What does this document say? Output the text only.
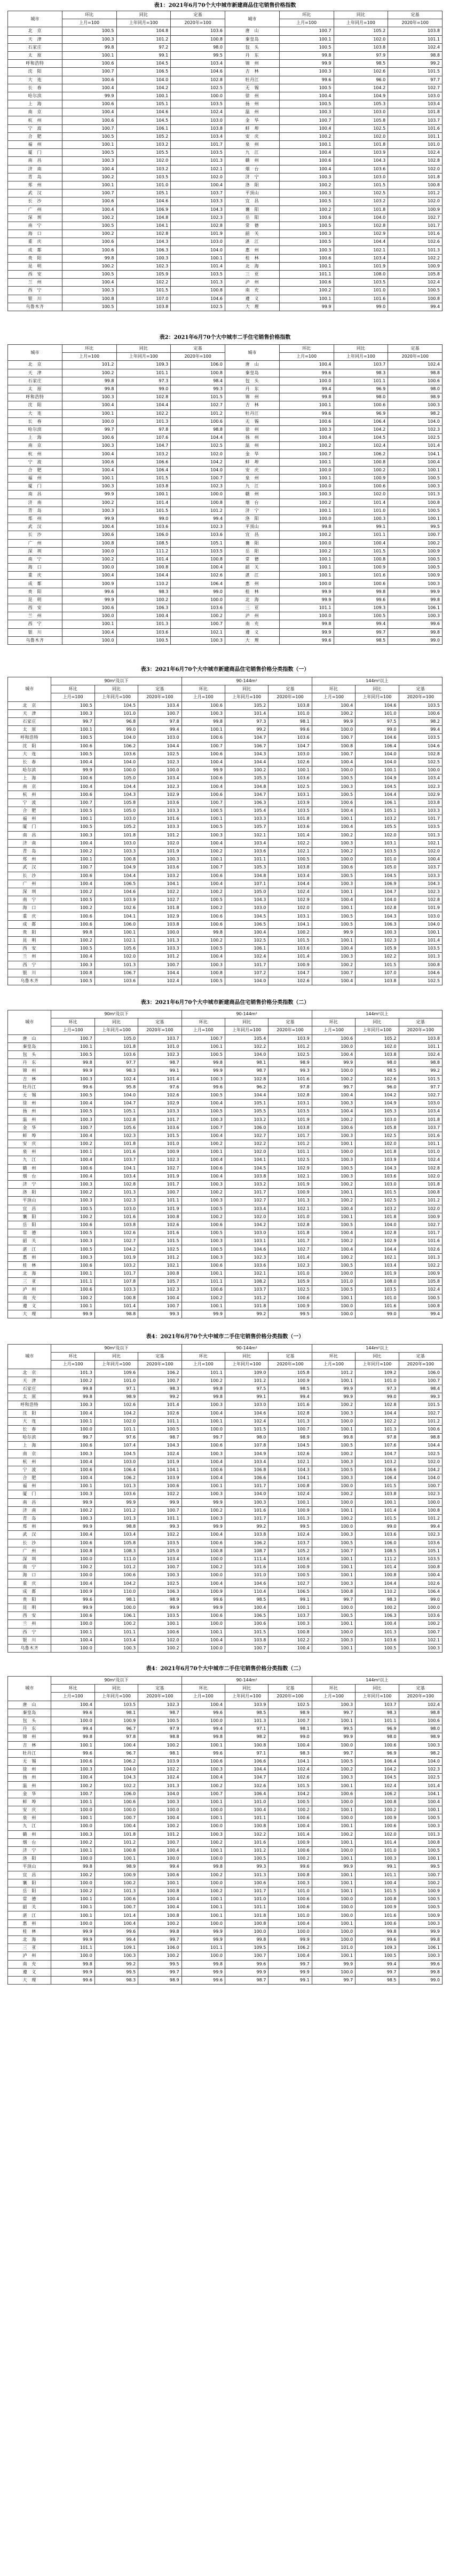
表1：2021年6月70个大中城市新建商品住宅销售价格指数
城市	环比	同比	定基	城市	环比	同比	定基
	上月=100	上年同月=100	2020年=100		上月=100	上年同月=100	2020年=100
北　京	100.5	104.8	103.6	唐　山	100.7	105.2	103.8
天　津	100.3	101.2	100.8	秦皇岛	100.1	102.0	101.1
石家庄	99.8	97.2	98.0	包　头	100.5	103.8	102.4
太　原	100.1	99.1	99.5	丹　东	99.8	97.9	98.8
呼和浩特	100.6	104.5	103.4	锦　州	99.9	98.5	99.2
沈　阳	100.7	106.5	104.6	吉　林	100.3	102.6	101.5
大　连	100.6	104.0	102.8	牡丹江	99.6	96.0	97.7
长　春	100.4	104.2	102.5	无　锡	100.5	104.2	102.7
哈尔滨	99.9	100.1	100.0	徐　州	100.4	104.9	103.0
上　海	100.6	105.1	103.5	扬　州	100.5	105.3	103.4
南　京	100.4	104.6	102.4	温　州	100.3	103.0	101.8
杭　州	100.6	104.5	103.0	金　华	100.7	105.8	103.7
宁　波	100.7	106.1	103.8	蚌　埠	100.4	102.5	101.6
合　肥	100.5	105.2	103.4	安　庆	100.2	102.0	101.1
福　州	100.1	103.2	101.7	泉　州	100.1	101.8	101.0
厦　门	100.5	105.5	103.5	九　江	100.4	103.9	102.4
南　昌	100.3	102.0	101.3	赣　州	100.6	104.3	102.8
济　南	100.4	103.2	102.1	烟　台	100.4	103.6	102.0
青　岛	100.2	103.5	102.0	济　宁	100.3	103.0	101.8
郑　州	100.1	101.0	100.4	洛　阳	100.2	101.5	100.8
武　汉	100.7	105.1	103.7	平顶山	100.3	102.5	101.2
长　沙	100.6	104.6	103.3	宜　昌	100.5	103.2	102.0
广　州	100.4	106.9	104.3	襄　阳	100.2	101.8	100.9
深　圳	100.2	104.8	102.3	岳　阳	100.6	104.0	102.7
南　宁	100.5	104.1	102.8	常　德	100.5	102.8	101.7
海　口	100.2	102.8	101.9	韶　关	100.3	102.9	101.6
重　庆	100.6	104.3	103.0	湛　江	100.5	104.4	102.6
成　都	100.6	106.3	104.0	惠　州	100.3	102.1	101.3
贵　阳	99.8	100.3	100.1	桂　林	100.6	103.4	102.2
昆　明	100.2	102.3	101.4	北　海	100.1	101.9	100.9
西　安	100.5	105.9	103.5	三　亚	101.1	108.0	105.8
兰　州	100.4	102.2	101.3	泸　州	100.6	103.5	102.4
西　宁	100.3	101.5	100.8	南　充	100.2	101.0	100.5
银　川	100.8	107.0	104.6	遵　义	100.1	101.6	100.8
乌鲁木齐	100.5	103.8	102.5	大　理	99.9	99.0	99.4
表2：2021年6月70个大中城市二手住宅销售价格指数
城市	环比	同比	定基	城市	环比	同比	定基
	上月=100	上年同月=100	2020年=100		上月=100	上年同月=100	2020年=100
北　京	101.2	109.3	106.0	唐　山	100.4	103.7	102.4
天　津	100.2	101.1	100.8	秦皇岛	99.6	98.3	98.8
石家庄	99.8	97.3	98.4	包　头	100.0	101.1	100.6
太　原	99.8	99.0	99.3	丹　东	99.4	96.9	98.0
呼和浩特	100.3	102.8	101.5	锦　州	99.8	98.0	98.9
沈　阳	100.4	104.4	102.7	吉　林	100.1	100.6	100.3
大　连	100.1	102.2	101.2	牡丹江	99.6	96.9	98.2
长　春	100.0	101.3	100.6	无　锡	100.6	106.4	104.0
哈尔滨	99.7	97.8	98.8	徐　州	100.3	104.2	102.3
上　海	100.6	107.6	104.4	扬　州	100.4	104.5	102.5
南　京	100.3	104.7	102.5	温　州	100.2	102.4	101.4
杭　州	100.4	103.2	102.0	金　华	100.7	106.2	104.1
宁　波	100.6	106.6	104.2	蚌　埠	100.1	100.8	100.4
合　肥	100.4	106.4	104.0	安　庆	100.0	100.2	100.1
福　州	100.1	101.5	100.7	泉　州	100.1	100.9	100.5
厦　门	100.3	103.8	102.3	九　江	100.0	100.6	100.3
南　昌	99.9	100.1	100.0	赣　州	100.3	102.0	101.3
济　南	100.2	101.4	100.8	烟　台	100.2	101.4	100.8
青　岛	100.3	101.5	101.2	济　宁	100.1	101.0	100.5
郑　州	99.9	99.0	99.4	洛　阳	100.0	100.3	100.1
武　汉	100.4	103.6	102.3	平顶山	99.8	99.1	99.5
长　沙	100.6	106.0	103.6	宜　昌	100.2	101.1	100.7
广　州	100.8	108.5	105.1	襄　阳	100.0	100.4	100.2
深　圳	100.0	111.2	103.5	岳　阳	100.2	101.5	100.9
南　宁	100.2	101.4	100.8	常　德	100.1	100.8	100.5
海　口	100.0	100.8	100.4	韶　关	100.1	100.9	100.5
重　庆	100.4	104.4	102.6	湛　江	100.1	101.6	100.9
成　都	100.9	110.2	106.4	惠　州	100.0	100.6	100.3
贵　阳	99.6	98.3	99.0	桂　林	99.9	99.8	99.9
昆　明	99.9	100.2	100.0	北　海	99.9	99.6	99.8
西　安	100.6	106.3	103.6	三　亚	101.1	109.3	106.1
兰　州	100.0	100.4	100.2	泸　州	100.0	100.5	100.3
西　宁	100.1	101.3	100.7	南　充	99.8	99.4	99.6
银　川	100.4	103.6	102.1	遵　义	99.9	99.7	99.8
乌鲁木齐	100.0	100.5	100.3	大　理	99.6	98.5	99.0
表3：2021年6月70个大中城市新建商品住宅销售价格分类指数（一）
城市	90m²及以下			90-144m²			144m²以上		
	环比	同比	定基	环比	同比	定基	环比	同比	定基
	上月=100	上年同月=100	2020年=100	上月=100	上年同月=100	2020年=100	上月=100	上年同月=100	2020年=100
北　京	100.5	104.5	103.4	100.6	105.2	103.8	100.4	104.6	103.5
天　津	100.3	101.0	100.7	100.3	101.4	101.0	100.2	101.0	100.6
石家庄	99.7	96.8	97.8	99.8	97.3	98.1	99.9	97.5	98.2
太　原	100.1	99.0	99.4	100.1	99.2	99.6	100.0	99.0	99.4
呼和浩特	100.5	104.0	103.0	100.6	104.7	103.6	100.7	104.6	103.5
沈　阳	100.6	106.2	104.4	100.7	106.7	104.7	100.8	106.4	104.6
大　连	100.5	103.6	102.5	100.6	104.3	103.0	100.7	104.0	102.8
长　春	100.4	104.0	102.3	100.4	104.4	102.6	100.4	104.0	102.5
哈尔滨	99.9	100.0	100.0	99.9	100.2	100.1	100.0	100.1	100.0
上　海	100.6	105.0	103.4	100.6	105.3	103.6	100.5	104.9	103.4
南　京	100.4	104.4	102.3	100.4	104.8	102.5	100.3	104.5	102.3
杭　州	100.6	104.3	102.9	100.6	104.7	103.1	100.5	104.4	102.9
宁　波	100.7	105.8	103.6	100.7	106.3	103.9	100.6	106.1	103.8
合　肥	100.5	105.0	103.3	100.5	105.4	103.5	100.4	105.1	103.3
福　州	100.1	103.0	101.6	100.1	103.3	101.8	100.1	103.2	101.7
厦　门	100.5	105.2	103.3	100.5	105.7	103.6	100.4	105.5	103.5
南　昌	100.3	101.8	101.2	100.3	102.1	101.4	100.2	102.0	101.3
济　南	100.4	103.0	102.0	100.4	103.4	102.2	100.3	103.1	102.1
青　岛	100.2	103.3	101.9	100.2	103.6	102.1	100.2	103.5	102.0
郑　州	100.1	100.8	100.3	100.1	101.1	100.5	100.0	101.0	100.4
武　汉	100.7	104.9	103.6	100.7	105.3	103.8	100.6	105.0	103.7
长　沙	100.6	104.4	103.2	100.6	104.8	103.4	100.5	104.5	103.3
广　州	100.4	106.5	104.1	100.4	107.1	104.4	100.3	106.9	104.3
深　圳	100.2	104.6	102.2	100.2	105.0	102.4	100.1	104.7	102.3
南　宁	100.5	103.9	102.7	100.5	104.3	102.9	100.4	104.0	102.8
海　口	100.2	102.6	101.8	100.2	103.0	102.0	100.1	102.8	101.9
重　庆	100.6	104.1	102.9	100.6	104.5	103.1	100.5	104.3	103.0
成　都	100.6	106.0	103.8	100.6	106.5	104.1	100.5	106.3	104.0
贵　阳	99.8	100.1	100.0	99.8	100.4	100.2	99.9	100.3	100.1
昆　明	100.2	102.1	101.3	100.2	102.5	101.5	100.1	102.3	101.4
西　安	100.5	105.6	103.3	100.5	106.1	103.6	100.4	105.9	103.5
兰　州	100.4	102.0	101.2	100.4	102.4	101.4	100.3	102.2	101.3
西　宁	100.3	101.3	100.7	100.3	101.7	100.9	100.2	101.5	100.8
银　川	100.8	106.7	104.4	100.8	107.2	104.7	100.7	107.0	104.6
乌鲁木齐	100.5	103.6	102.4	100.5	104.0	102.6	100.4	103.8	102.5
表3：2021年6月70个大中城市新建商品住宅销售价格分类指数（二）
城市	90m²及以下			90-144m²			144m²以上		
	环比	同比	定基	环比	同比	定基	环比	同比	定基
	上月=100	上年同月=100	2020年=100	上月=100	上年同月=100	2020年=100	上月=100	上年同月=100	2020年=100
唐　山	100.7	105.0	103.7	100.7	105.4	103.9	100.6	105.2	103.8
秦皇岛	100.1	101.8	101.0	100.1	102.2	101.2	100.0	102.0	101.1
包　头	100.5	103.6	102.3	100.5	104.0	102.5	100.4	103.8	102.4
丹　东	99.8	97.7	98.7	99.8	98.1	98.9	99.9	98.0	98.8
锦　州	99.9	98.3	99.1	99.9	98.7	99.3	100.0	98.5	99.2
吉　林	100.3	102.4	101.4	100.3	102.8	101.6	100.2	102.6	101.5
牡丹江	99.6	95.8	97.6	99.6	96.2	97.8	99.7	96.0	97.7
无　锡	100.5	104.0	102.6	100.5	104.4	102.8	100.4	104.2	102.7
徐　州	100.4	104.7	102.9	100.4	105.1	103.1	100.3	104.9	103.0
扬　州	100.5	105.1	103.3	100.5	105.5	103.5	100.4	105.3	103.4
温　州	100.3	102.8	101.7	100.3	103.2	101.9	100.2	103.0	101.8
金　华	100.7	105.6	103.6	100.7	106.0	103.8	100.6	105.8	103.7
蚌　埠	100.4	102.3	101.5	100.4	102.7	101.7	100.3	102.5	101.6
安　庆	100.2	101.8	101.0	100.2	102.2	101.2	100.1	102.0	101.1
泉　州	100.1	101.6	100.9	100.1	102.0	101.1	100.0	101.8	101.0
九　江	100.4	103.7	102.3	100.4	104.1	102.5	100.3	103.9	102.4
赣　州	100.6	104.1	102.7	100.6	104.5	102.9	100.5	104.3	102.8
烟　台	100.4	103.4	101.9	100.4	103.8	102.1	100.3	103.6	102.0
济　宁	100.3	102.8	101.7	100.3	103.2	101.9	100.2	103.0	101.8
洛　阳	100.2	101.3	100.7	100.2	101.7	100.9	100.1	101.5	100.8
平顶山	100.3	102.3	101.1	100.3	102.7	101.3	100.2	102.5	101.2
宜　昌	100.5	103.0	101.9	100.5	103.4	102.1	100.4	103.2	102.0
襄　阳	100.2	101.6	100.8	100.2	102.0	101.0	100.1	101.8	100.9
岳　阳	100.6	103.8	102.6	100.6	104.2	102.8	100.5	104.0	102.7
常　德	100.5	102.6	101.6	100.5	103.0	101.8	100.4	102.8	101.7
韶　关	100.3	102.7	101.5	100.3	103.1	101.7	100.2	102.9	101.6
湛　江	100.5	104.2	102.5	100.5	104.6	102.7	100.4	104.4	102.6
惠　州	100.3	101.9	101.2	100.3	102.3	101.4	100.2	102.1	101.3
桂　林	100.6	103.2	102.1	100.6	103.6	102.3	100.5	103.4	102.2
北　海	100.1	101.7	100.8	100.1	102.1	101.0	100.0	101.9	100.9
三　亚	101.1	107.8	105.7	101.1	108.2	105.9	101.0	108.0	105.8
泸　州	100.6	103.3	102.3	100.6	103.7	102.5	100.5	103.5	102.4
南　充	100.2	100.8	100.4	100.2	101.2	100.6	100.1	101.0	100.5
遵　义	100.1	101.4	100.7	100.1	101.8	100.9	100.0	101.6	100.8
大　理	99.9	98.8	99.3	99.9	99.2	99.5	100.0	99.0	99.4
表4：2021年6月70个大中城市二手住宅销售价格分类指数（一）
城市	90m²及以下			90-144m²			144m²以上		
	环比	同比	定基	环比	同比	定基	环比	同比	定基
	上月=100	上年同月=100	2020年=100	上月=100	上年同月=100	2020年=100	上月=100	上年同月=100	2020年=100
北　京	101.3	109.6	106.2	101.1	109.0	105.8	101.2	109.2	106.0
天　津	100.2	101.0	100.7	100.2	101.2	100.9	100.1	101.0	100.7
石家庄	99.8	97.1	98.3	99.8	97.5	98.5	99.9	97.3	98.4
太　原	99.8	98.9	99.2	99.8	99.1	99.4	99.9	99.0	99.3
呼和浩特	100.3	102.6	101.4	100.3	103.0	101.6	100.2	102.8	101.5
沈　阳	100.4	104.2	102.6	100.4	104.6	102.8	100.3	104.4	102.7
大　连	100.1	102.0	101.1	100.1	102.4	101.3	100.0	102.2	101.2
长　春	100.0	101.1	100.5	100.0	101.5	100.7	100.1	101.3	100.6
哈尔滨	99.7	97.6	98.7	99.7	98.0	98.9	99.8	97.8	98.8
上　海	100.6	107.4	104.3	100.6	107.8	104.5	100.5	107.6	104.4
南　京	100.3	104.5	102.4	100.3	104.9	102.6	100.2	104.7	102.5
杭　州	100.4	103.0	101.9	100.4	103.4	102.1	100.3	103.2	102.0
宁　波	100.6	106.4	104.1	100.6	106.8	104.3	100.5	106.6	104.2
合　肥	100.4	106.2	103.9	100.4	106.6	104.1	100.3	106.4	104.0
福　州	100.1	101.3	100.6	100.1	101.7	100.8	100.0	101.5	100.7
厦　门	100.3	103.6	102.2	100.3	104.0	102.4	100.2	103.8	102.3
南　昌	99.9	99.9	99.9	99.9	100.3	100.1	100.0	100.1	100.0
济　南	100.2	101.2	100.7	100.2	101.6	100.9	100.1	101.4	100.8
青　岛	100.3	101.3	101.1	100.3	101.7	101.3	100.2	101.5	101.2
郑　州	99.9	98.8	99.3	99.9	99.2	99.5	100.0	99.0	99.4
武　汉	100.4	103.4	102.2	100.4	103.8	102.4	100.3	103.6	102.3
长　沙	100.6	105.8	103.5	100.6	106.2	103.7	100.5	106.0	103.6
广　州	100.8	108.3	105.0	100.8	108.7	105.2	100.7	108.5	105.1
深　圳	100.0	111.0	103.4	100.0	111.4	103.6	100.1	111.2	103.5
南　宁	100.2	101.2	100.7	100.2	101.6	100.9	100.1	101.4	100.8
海　口	100.0	100.6	100.3	100.0	101.0	100.5	100.1	100.8	100.4
重　庆	100.4	104.2	102.5	100.4	104.6	102.7	100.3	104.4	102.6
成　都	100.9	110.0	106.3	100.9	110.4	106.5	100.8	110.2	106.4
贵　阳	99.6	98.1	98.9	99.6	98.5	99.1	99.7	98.3	99.0
昆　明	99.9	100.0	99.9	99.9	100.4	100.1	100.0	100.2	100.0
西　安	100.6	106.1	103.5	100.6	106.5	103.7	100.5	106.3	103.6
兰　州	100.0	100.2	100.1	100.0	100.6	100.3	100.1	100.4	100.2
西　宁	100.1	101.1	100.6	100.1	101.5	100.8	100.0	101.3	100.7
银　川	100.4	103.4	102.0	100.4	103.8	102.2	100.3	103.6	102.1
乌鲁木齐	100.0	100.3	100.2	100.0	100.7	100.4	100.1	100.5	100.3
表4：2021年6月70个大中城市二手住宅销售价格分类指数（二）
城市	90m²及以下			90-144m²			144m²以上		
	环比	同比	定基	环比	同比	定基	环比	同比	定基
	上月=100	上年同月=100	2020年=100	上月=100	上年同月=100	2020年=100	上月=100	上年同月=100	2020年=100
唐　山	100.4	103.5	102.3	100.4	103.9	102.5	100.3	103.7	102.4
秦皇岛	99.6	98.1	98.7	99.6	98.5	98.9	99.7	98.3	98.8
包　头	100.0	100.9	100.5	100.0	101.3	100.7	100.1	101.1	100.6
丹　东	99.4	96.7	97.9	99.4	97.1	98.1	99.5	96.9	98.0
锦　州	99.8	97.8	98.8	99.8	98.2	99.0	99.9	98.0	98.9
吉　林	100.1	100.4	100.2	100.1	100.8	100.4	100.0	100.6	100.3
牡丹江	99.6	96.7	98.1	99.6	97.1	98.3	99.7	96.9	98.2
无　锡	100.6	106.2	103.9	100.6	106.6	104.1	100.5	106.4	104.0
徐　州	100.3	104.0	102.2	100.3	104.4	102.4	100.2	104.2	102.3
扬　州	100.4	104.3	102.4	100.4	104.7	102.6	100.3	104.5	102.5
温　州	100.2	102.2	101.3	100.2	102.6	101.5	100.1	102.4	101.4
金　华	100.7	106.0	104.0	100.7	106.4	104.2	100.6	106.2	104.1
蚌　埠	100.1	100.6	100.3	100.1	101.0	100.5	100.0	100.8	100.4
安　庆	100.0	100.0	100.0	100.0	100.4	100.2	100.1	100.2	100.1
泉　州	100.1	100.7	100.4	100.1	101.1	100.6	100.0	100.9	100.5
九　江	100.0	100.4	100.2	100.0	100.8	100.4	100.1	100.6	100.3
赣　州	100.3	101.8	101.2	100.3	102.2	101.4	100.2	102.0	101.3
烟　台	100.2	101.2	100.7	100.2	101.6	100.9	100.1	101.4	100.8
济　宁	100.1	100.8	100.4	100.1	101.2	100.6	100.0	101.0	100.5
洛　阳	100.0	100.1	100.0	100.0	100.5	100.2	100.1	100.3	100.1
平顶山	99.8	98.9	99.4	99.8	99.3	99.6	99.9	99.1	99.5
宜　昌	100.2	100.9	100.6	100.2	101.3	100.8	100.1	101.1	100.7
襄　阳	100.0	100.2	100.1	100.0	100.6	100.3	100.1	100.4	100.2
岳　阳	100.2	101.3	100.8	100.2	101.7	101.0	100.1	101.5	100.9
常　德	100.1	100.6	100.4	100.1	101.0	100.6	100.0	100.8	100.5
韶　关	100.1	100.7	100.4	100.1	101.1	100.6	100.0	100.9	100.5
湛　江	100.1	101.4	100.8	100.1	101.8	101.0	100.0	101.6	100.9
惠　州	100.0	100.4	100.2	100.0	100.8	100.4	100.1	100.6	100.3
桂　林	99.9	99.6	99.8	99.9	100.0	100.0	100.0	99.8	99.9
北　海	99.9	99.4	99.7	99.9	99.8	99.9	100.0	99.6	99.8
三　亚	101.1	109.1	106.0	101.1	109.5	106.2	101.0	109.3	106.1
泸　州	100.0	100.3	100.2	100.0	100.7	100.4	100.1	100.5	100.3
南　充	99.8	99.2	99.5	99.8	99.6	99.7	99.9	99.4	99.6
遵　义	99.9	99.5	99.7	99.9	99.9	99.9	100.0	99.7	99.8
大　理	99.6	98.3	98.9	99.6	98.7	99.1	99.7	98.5	99.0
